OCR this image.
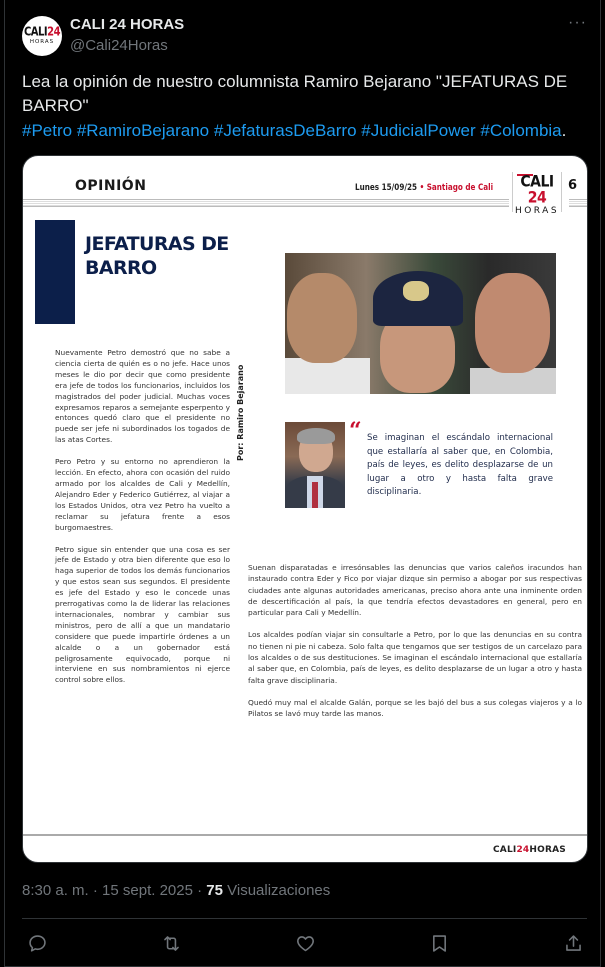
CALI24
HORAS
CALI 24 HORAS
@Cali24Horas
···
Lea la opinión de nuestro columnista Ramiro Bejarano "JEFATURAS DE BARRO"
#Petro #RamiroBejarano #JefaturasDeBarro #JudicialPower #Colombia.
OPINIÓN	Lunes 15/09/25 • Santiago de Cali	CALI 24
HORAS
6
JEFATURAS DE BARRO

Nuevamente Petro demostró que no sabe a ciencia cierta de quién es o no jefe. Hace unos meses le dio por decir que como presidente era jefe de todos los funcionarios, incluidos los magistrados del poder judicial. Muchas voces expresamos reparos a semejante esperpento y entonces quedó claro que el presidente no puede ser jefe ni subordinados los togados de las atas Cortes.

Pero Petro y su entorno no aprendieron la lección. En efecto, ahora con ocasión del ruido armado por los alcaldes de Cali y Medellín, Alejandro Eder y Federico Gutiérrez, al viajar a los Estados Unidos, otra vez Petro ha vuelto a reclamar su jefatura frente a esos burgomaestres.

Petro sigue sin entender que una cosa es ser jefe de Estado y otra bien diferente que eso lo haga superior de todos los demás funcionarios y que estos sean sus segundos. El presidente es jefe del Estado y eso le concede unas prerrogativas como la de liderar las relaciones internacionales, nombrar y cambiar sus ministros, pero de allí a que un mandatario considere que puede impartirle órdenes a un alcalde o a un gobernador está peligrosamente equivocado, porque ni interviene en sus nombramientos ni ejerce control sobre ellos.

Por: Ramiro Bejarano	“ Se imaginan el escándalo internacional que estallaría al saber que, en Colombia, país de leyes, es delito desplazarse de un lugar a otro y hasta falta grave disciplinaria.

Suenan disparatadas e irresónsables las denuncias que varios caleños iracundos han instaurado contra Eder y Fico por viajar dizque sin permiso a abogar por sus respectivas ciudades ante algunas autoridades americanas, preciso ahora ante una inminente orden de descertificación al país, la que tendría efectos devastadores en general, pero en particular para Cali y Medellín.

Los alcaldes podían viajar sin consultarle a Petro, por lo que las denuncias en su contra no tienen ni pie ni cabeza. Solo falta que tengamos que ser testigos de un carcelazo para los alcaldes o de sus destituciones. Se imaginan el escándalo internacional que estallaría al saber que, en Colombia, país de leyes, es delito desplazarse de un lugar a otro y hasta falta grave disciplinaria.

Quedó muy mal el alcalde Galán, porque se les bajó del bus a sus colegas viajeros y a lo Pilatos se lavó muy tarde las manos.

CALI24HORAS
8:30 a. m. · 15 sept. 2025 · 75 Visualizaciones
